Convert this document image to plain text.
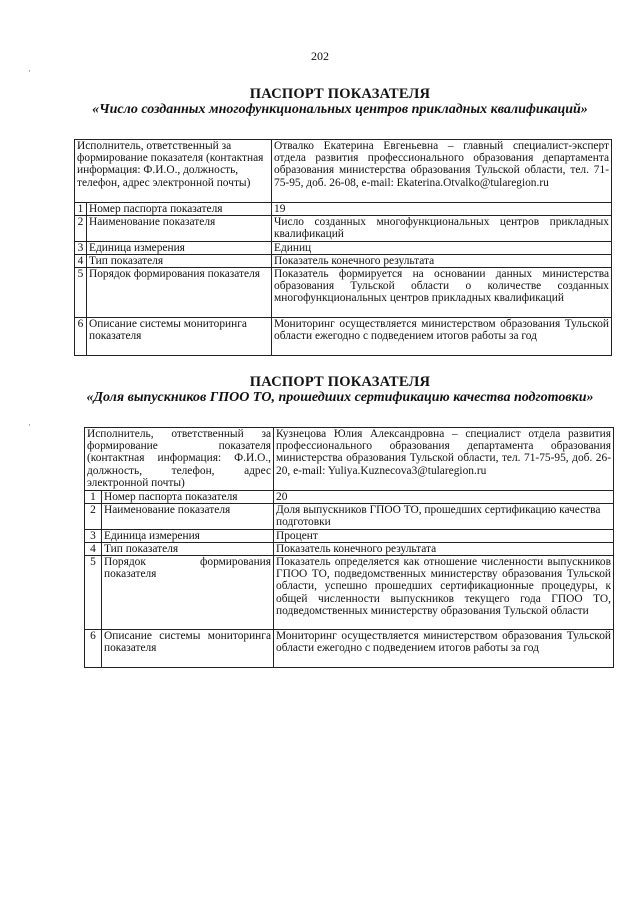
202
·
·
ПАСПОРТ ПОКАЗАТЕЛЯ
«Число созданных многофункциональных центров прикладных квалификаций»
Исполнитель, ответственный за формирование показателя (контактная информация: Ф.И.О., должность, телефон, адрес электронной почты)		Отвалко Екатерина Евгеньевна – главный специалист-эксперт отдела развития профессионального образования департамента образования министерства образования Тульской области, тел. 71-75-95, доб. 26-08, e-mail: Ekaterina.Otvalko@tularegion.ru
1	Номер паспорта показателя	19
2	Наименование показателя	Число созданных многофункциональных центров прикладных квалификаций
3	Единица измерения	Единиц
4	Тип показателя	Показатель конечного результата
5	Порядок формирования показателя	Показатель формируется на основании данных министерства образования Тульской области о количестве созданных многофункциональных центров прикладных квалификаций
6	Описание системы мониторинга показателя	Мониторинг осуществляется министерством образования Тульской области ежегодно с подведением итогов работы за год
ПАСПОРТ ПОКАЗАТЕЛЯ
«Доля выпускников ГПОО ТО, прошедших сертификацию качества подготовки»
Исполнитель, ответственный за формирование показателя (контактная информация: Ф.И.О., должность, телефон, адрес электронной почты)		Кузнецова Юлия Александровна – специалист отдела развития профессионального образования департамента образования министерства образования Тульской области, тел. 71-75-95, доб. 26-20, e-mail: Yuliya.Kuznecova3@tularegion.ru
1	Номер паспорта показателя	20
2	Наименование показателя	Доля выпускников ГПОО ТО, прошедших сертификацию качества подготовки
3	Единица измерения	Процент
4	Тип показателя	Показатель конечного результата
5	Порядок формирования показателя	Показатель определяется как отношение численности выпускников ГПОО ТО, подведомственных министерству образования Тульской области, успешно прошедших сертификационные процедуры, к общей численности выпускников текущего года ГПОО ТО, подведомственных министерству образования Тульской области
6	Описание системы мониторинга показателя	Мониторинг осуществляется министерством образования Тульской области ежегодно с подведением итогов работы за год
